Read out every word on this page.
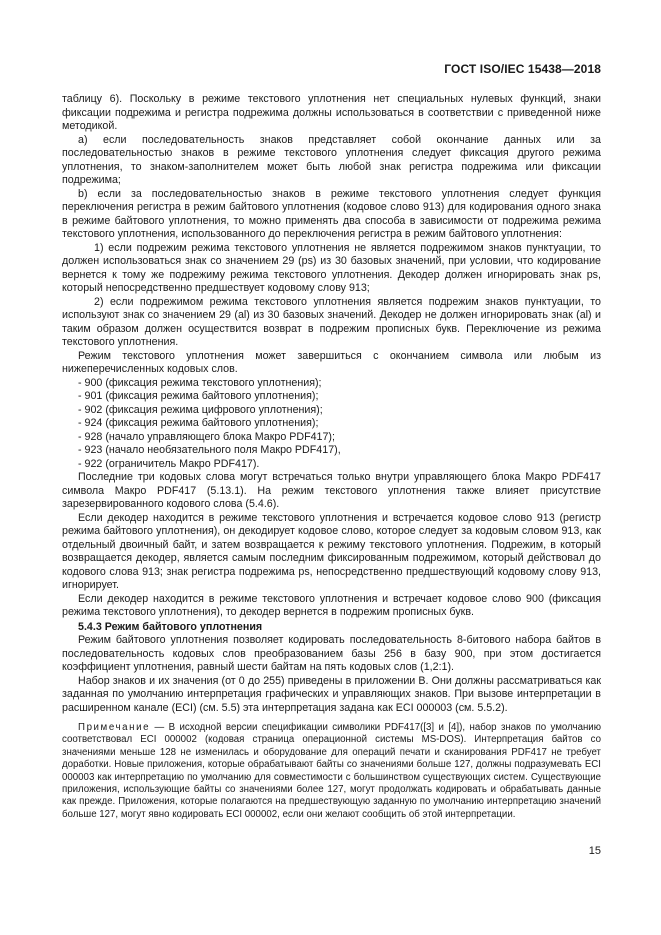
ГОСТ ISO/IEC 15438—2018

таблицу 6). Поскольку в режиме текстового уплотнения нет специальных нулевых функций, знаки фиксации подрежима и регистра подрежима должны использоваться в соответствии с приведенной ниже методикой.

a) если последовательность знаков представляет собой окончание данных или за последовательностью знаков в режиме текстового уплотнения следует фиксация другого режима уплотнения, то знаком-заполнителем может быть любой знак регистра подрежима или фиксации подрежима;

b) если за последовательностью знаков в режиме текстового уплотнения следует функция переключения регистра в режим байтового уплотнения (кодовое слово 913) для кодирования одного знака в режиме байтового уплотнения, то можно применять два способа в зависимости от подрежима режима текстового уплотнения, использованного до переключения регистра в режим байтового уплотнения:

1) если подрежим режима текстового уплотнения не является подрежимом знаков пунктуации, то должен использоваться знак со значением 29 (ps) из 30 базовых значений, при условии, что кодирование вернется к тому же подрежиму режима текстового уплотнения. Декодер должен игнорировать знак ps, который непосредственно предшествует кодовому слову 913;

2) если подрежимом режима текстового уплотнения является подрежим знаков пунктуации, то используют знак со значением 29 (al) из 30 базовых значений. Декодер не должен игнорировать знак (al) и таким образом должен осуществится возврат в подрежим прописных букв. Переключение из режима текстового уплотнения.

Режим текстового уплотнения может завершиться с окончанием символа или любым из нижеперечисленных кодовых слов.

- 900 (фиксация режима текстового уплотнения);
- 901 (фиксация режима байтового уплотнения);
- 902 (фиксация режима цифрового уплотнения);
- 924 (фиксация режима байтового уплотнения);
- 928 (начало управляющего блока Макро PDF417);
- 923 (начало необязательного поля Макро PDF417),
- 922 (ограничитель Макро PDF417).

Последние три кодовых слова могут встречаться только внутри управляющего блока Макро PDF417 символа Макро PDF417 (5.13.1). На режим текстового уплотнения также влияет присутствие зарезервированного кодового слова (5.4.6).

Если декодер находится в режиме текстового уплотнения и встречается кодовое слово 913 (регистр режима байтового уплотнения), он декодирует кодовое слово, которое следует за кодовым словом 913, как отдельный двоичный байт, и затем возвращается к режиму текстового уплотнения. Подрежим, в который возвращается декодер, является самым последним фиксированным подрежимом, который действовал до кодового слова 913; знак регистра подрежима ps, непосредственно предшествующий кодовому слову 913, игнорирует.

Если декодер находится в режиме текстового уплотнения и встречает кодовое слово 900 (фиксация режима текстового уплотнения), то декодер вернется в подрежим прописных букв.

5.4.3 Режим байтового уплотнения

Режим байтового уплотнения позволяет кодировать последовательность 8-битового набора байтов в последовательность кодовых слов преобразованием базы 256 в базу 900, при этом достигается коэффициент уплотнения, равный шести байтам на пять кодовых слов (1,2:1).

Набор знаков и их значения (от 0 до 255) приведены в приложении В. Они должны рассматриваться как заданная по умолчанию интерпретация графических и управляющих знаков. При вызове интерпретации в расширенном канале (ECI) (см. 5.5) эта интерпретация задана как ECI 000003 (см. 5.5.2).

Примечание — В исходной версии спецификации символики PDF417([3] и [4]), набор знаков по умолчанию соответствовал ECI 000002 (кодовая страница операционной системы MS-DOS). Интерпретация байтов со значениями меньше 128 не изменилась и оборудование для операций печати и сканирования PDF417 не требует доработки. Новые приложения, которые обрабатывают байты со значениями больше 127, должны подразумевать ECI 000003 как интерпретацию по умолчанию для совместимости с большинством существующих систем. Существующие приложения, использующие байты со значениями более 127, могут продолжать кодировать и обрабатывать данные как прежде. Приложения, которые полагаются на предшествующую заданную по умолчанию интерпретацию значений больше 127, могут явно кодировать ECI 000002, если они желают сообщить об этой интерпретации.

15
